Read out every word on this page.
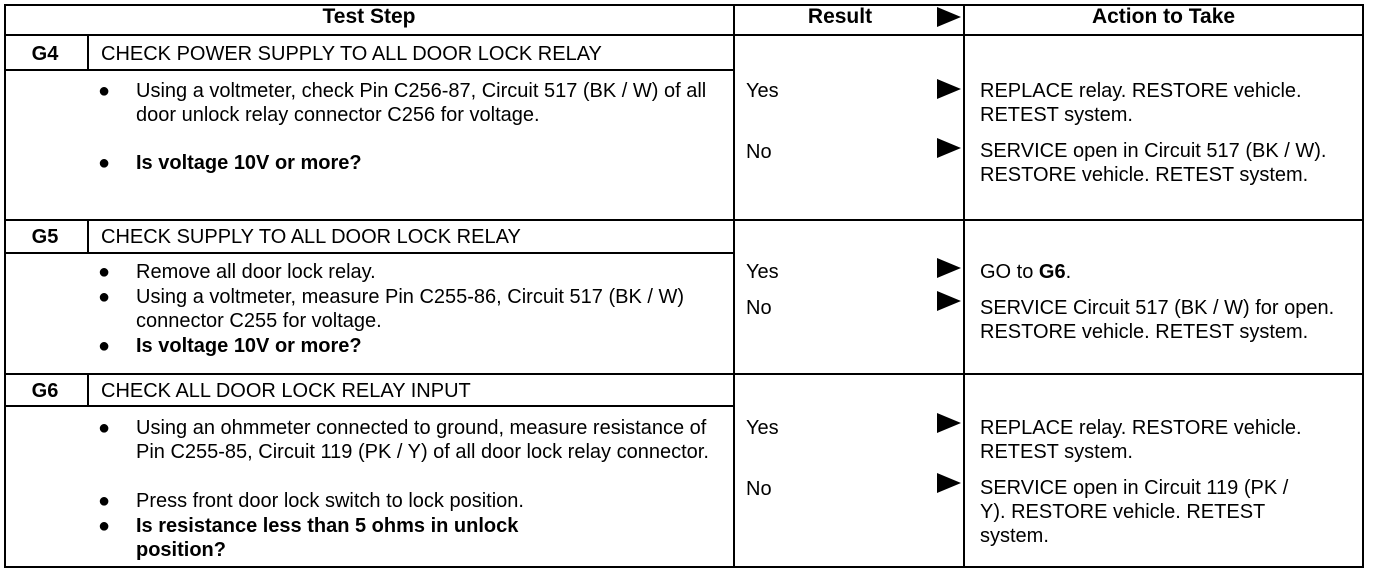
Test Step	Result	Action to Take
G4	CHECK POWER SUPPLY TO ALL DOOR LOCK RELAY
● Using a voltmeter, check Pin C256-87, Circuit 517 (BK / W) of all door unlock relay connector C256 for voltage.
● Is voltage 10V or more?
Yes	REPLACE relay. RESTORE vehicle. RETEST system.
No	SERVICE open in Circuit 517 (BK / W). RESTORE vehicle. RETEST system.
G5	CHECK SUPPLY TO ALL DOOR LOCK RELAY
● Remove all door lock relay.
● Using a voltmeter, measure Pin C255-86, Circuit 517 (BK / W) connector C255 for voltage.
● Is voltage 10V or more?
Yes	GO to G6.
No	SERVICE Circuit 517 (BK / W) for open. RESTORE vehicle. RETEST system.
G6	CHECK ALL DOOR LOCK RELAY INPUT
● Using an ohmmeter connected to ground, measure resistance of Pin C255-85, Circuit 119 (PK / Y) of all door lock relay connector.
● Press front door lock switch to lock position.
● Is resistance less than 5 ohms in unlock position?
Yes	REPLACE relay. RESTORE vehicle. RETEST system.
No	SERVICE open in Circuit 119 (PK / Y). RESTORE vehicle. RETEST system.
